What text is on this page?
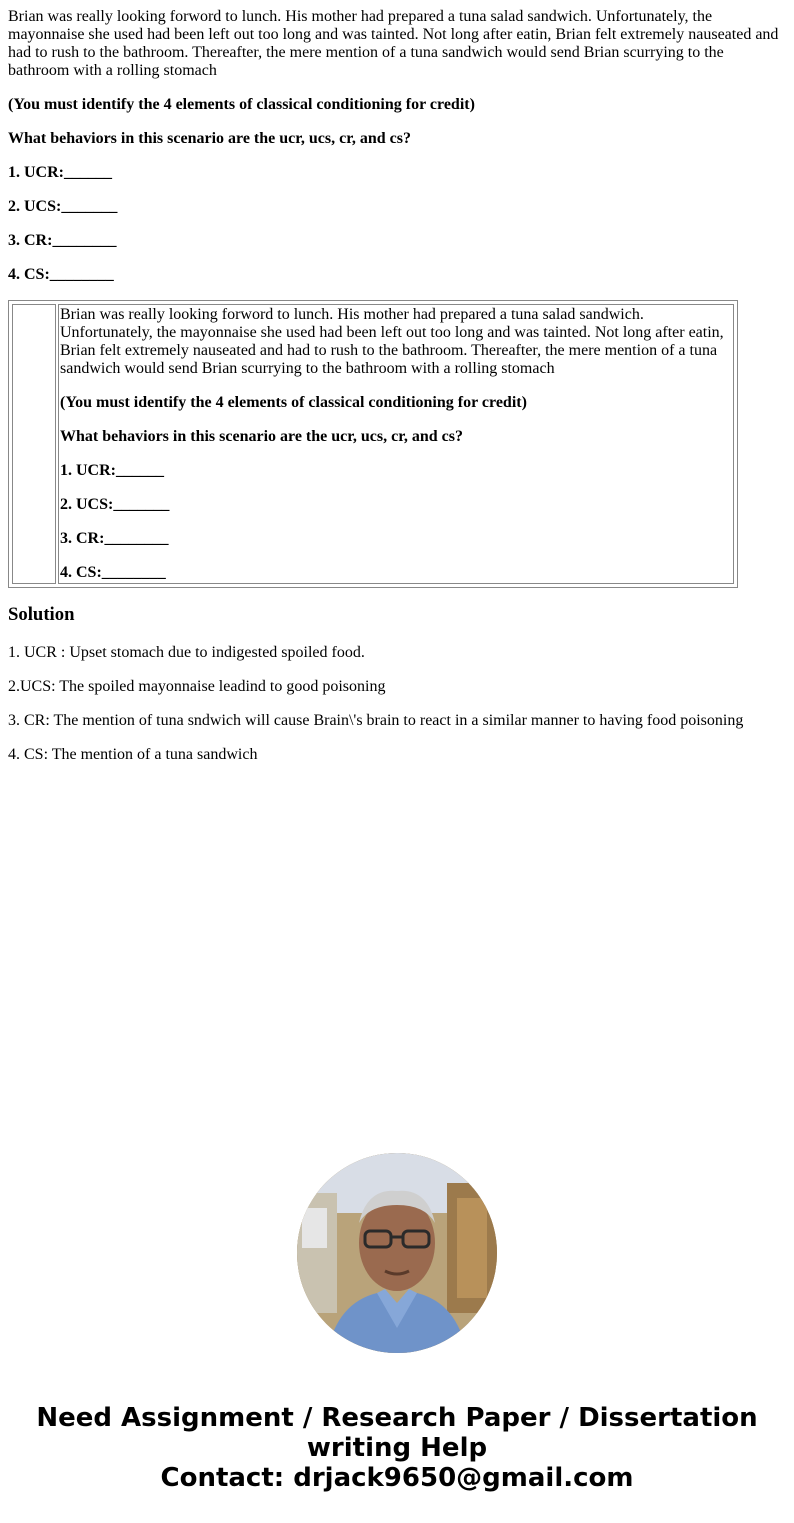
Brian was really looking forword to lunch. His mother had prepared a tuna salad sandwich. Unfortunately, the mayonnaise she used had been left out too long and was tainted. Not long after eatin, Brian felt extremely nauseated and had to rush to the bathroom. Thereafter, the mere mention of a tuna sandwich would send Brian scurrying to the bathroom with a rolling stomach

(You must identify the 4 elements of classical conditioning for credit)

What behaviors in this scenario are the ucr, ucs, cr, and cs?

1. UCR:______

2. UCS:_______

3. CR:________

4. CS:________

Brian was really looking forword to lunch. His mother had prepared a tuna salad sandwich. Unfortunately, the mayonnaise she used had been left out too long and was tainted. Not long after eatin, Brian felt extremely nauseated and had to rush to the bathroom. Thereafter, the mere mention of a tuna sandwich would send Brian scurrying to the bathroom with a rolling stomach

(You must identify the 4 elements of classical conditioning for credit)

What behaviors in this scenario are the ucr, ucs, cr, and cs?

1. UCR:______

2. UCS:_______

3. CR:________

4. CS:________

Solution

1. UCR : Upset stomach due to indigested spoiled food.

2.UCS: The spoiled mayonnaise leadind to good poisoning

3. CR: The mention of tuna sndwich will cause Brain\'s brain to react in a similar manner to having food poisoning

4. CS: The mention of a tuna sandwich

Need Assignment / Research Paper / Dissertation
writing Help
Contact: drjack9650@gmail.com
